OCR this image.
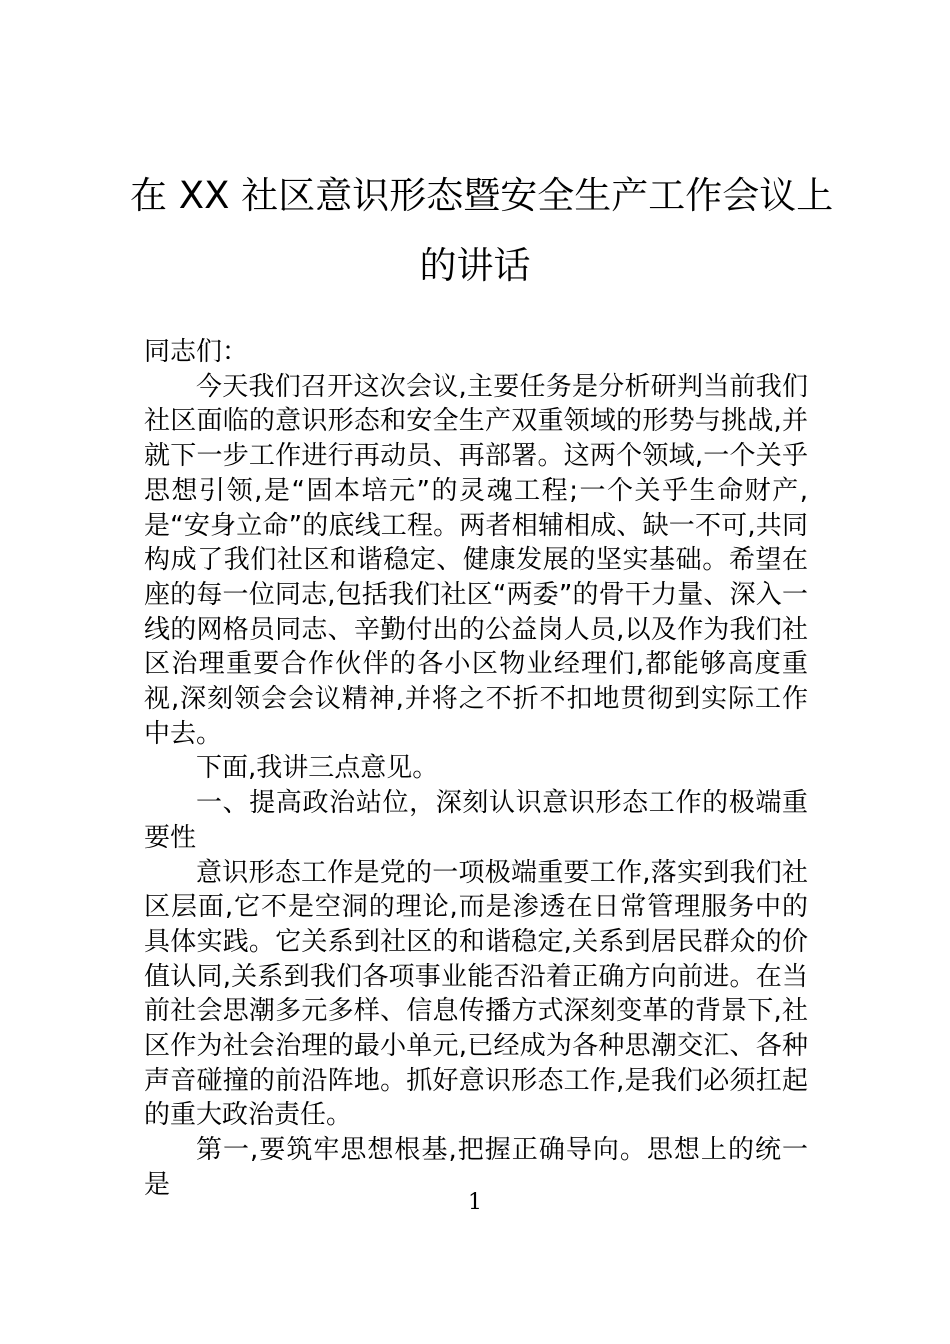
在 XX 社区意识形态暨安全生产工作会议上
的讲话

同志们：

今天我们召开这次会议,主要任务是分析研判当前我们社区面临的意识形态和安全生产双重领域的形势与挑战,并就下一步工作进行再动员、再部署。这两个领域,一个关乎思想引领,是“固本培元”的灵魂工程;一个关乎生命财产,是“安身立命”的底线工程。两者相辅相成、缺一不可,共同构成了我们社区和谐稳定、健康发展的坚实基础。希望在座的每一位同志,包括我们社区“两委”的骨干力量、深入一线的网格员同志、辛勤付出的公益岗人员,以及作为我们社区治理重要合作伙伴的各小区物业经理们,都能够高度重视,深刻领会会议精神,并将之不折不扣地贯彻到实际工作中去。

下面,我讲三点意见。

一、提高政治站位，深刻认识意识形态工作的极端重要性

意识形态工作是党的一项极端重要工作,落实到我们社区层面,它不是空洞的理论,而是渗透在日常管理服务中的具体实践。它关系到社区的和谐稳定,关系到居民群众的价值认同,关系到我们各项事业能否沿着正确方向前进。在当前社会思潮多元多样、信息传播方式深刻变革的背景下,社区作为社会治理的最小单元,已经成为各种思潮交汇、各种声音碰撞的前沿阵地。抓好意识形态工作,是我们必须扛起的重大政治责任。

第一,要筑牢思想根基,把握正确导向。思想上的统一是

1
